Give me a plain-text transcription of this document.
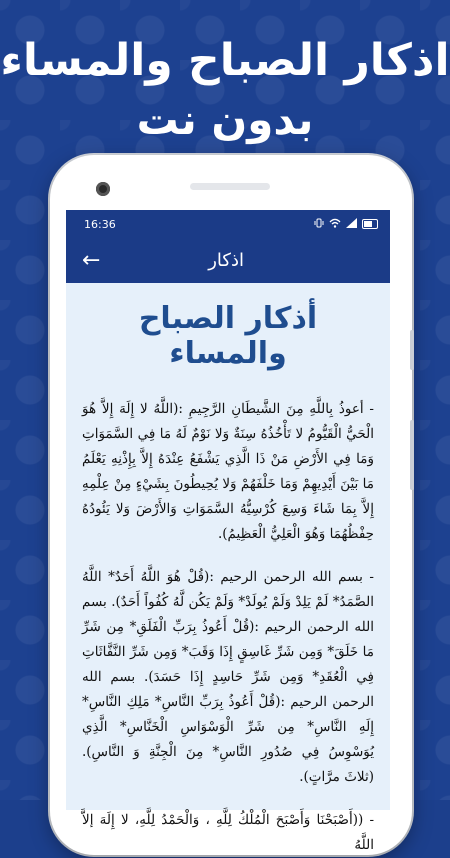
اذكار الصباح والمساء
بدون نت
16:36
←	اذكار
أذكار الصباح والمساء

- أعوذُ بِاللَّهِ مِنَ الشَّيطَانِ الرَّجِيمِ :(اللَّهُ لا إِلَهَ إِلاَّ هُوَ الْحَيُّ الْقَيُّومُ لا تَأْخُذُهُ سِنَةٌ وَلا نَوْمٌ لَهُ مَا فِي السَّمَوَاتِ وَمَا فِي الأَرْضِ مَنْ ذَا الَّذِي يَشْفَعُ عِنْدَهُ إِلاَّ بِإِذْنِهِ يَعْلَمُ مَا بَيْنَ أَيْدِيهِمْ وَمَا خَلْفَهُمْ وَلا يُحِيطُونَ بِشَيْءٍ مِنْ عِلْمِهِ إِلاَّ بِمَا شَاءَ وَسِعَ كُرْسِيُّهُ السَّمَوَاتِ وَالأَرْضَ وَلا يَئُودُهُ حِفْظُهُمَا وَهُوَ الْعَلِيُّ الْعَظِيمُ).

- بسم الله الرحمن الرحيم :(قُلْ هُوَ اللَّهُ أَحَدٌ* اللَّهُ الصَّمَدُ* لَمْ يَلِدْ وَلَمْ يُولَدْ* وَلَمْ يَكُن لَّهُ كُفُواً أَحَدٌ). بسم الله الرحمن الرحيم :(قُلْ أَعُوذُ بِرَبِّ الْفَلَقِ* مِن شَرِّ مَا خَلَقَ* وَمِن شَرِّ غَاسِقٍ إِذَا وَقَبَ* وَمِن شَرِّ النَّفَّاثَاتِ فِي الْعُقَدِ* وَمِن شَرِّ حَاسِدٍ إِذَا حَسَدَ). بسم الله الرحمن الرحيم :(قُلْ أَعُوذُ بِرَبِّ النَّاسِ* مَلِكِ النَّاسِ* إِلَهِ النَّاسِ* مِن شَرِّ الْوَسْوَاسِ الْخَنَّاسِ* الَّذِي يُوَسْوِسُ فِي صُدُورِ النَّاسِ* مِنَ الْجِنَّةِ وَ النَّاسِ). (ثلاثَ مرَّاتٍ).

- ((أَصْبَحْنَا وَأَصْبَحَ الْمُلْكُ لِلَّهِ ، وَالْحَمْدُ لِلَّهِ، لا إِلَهَ إلاَّ اللَّهُ
